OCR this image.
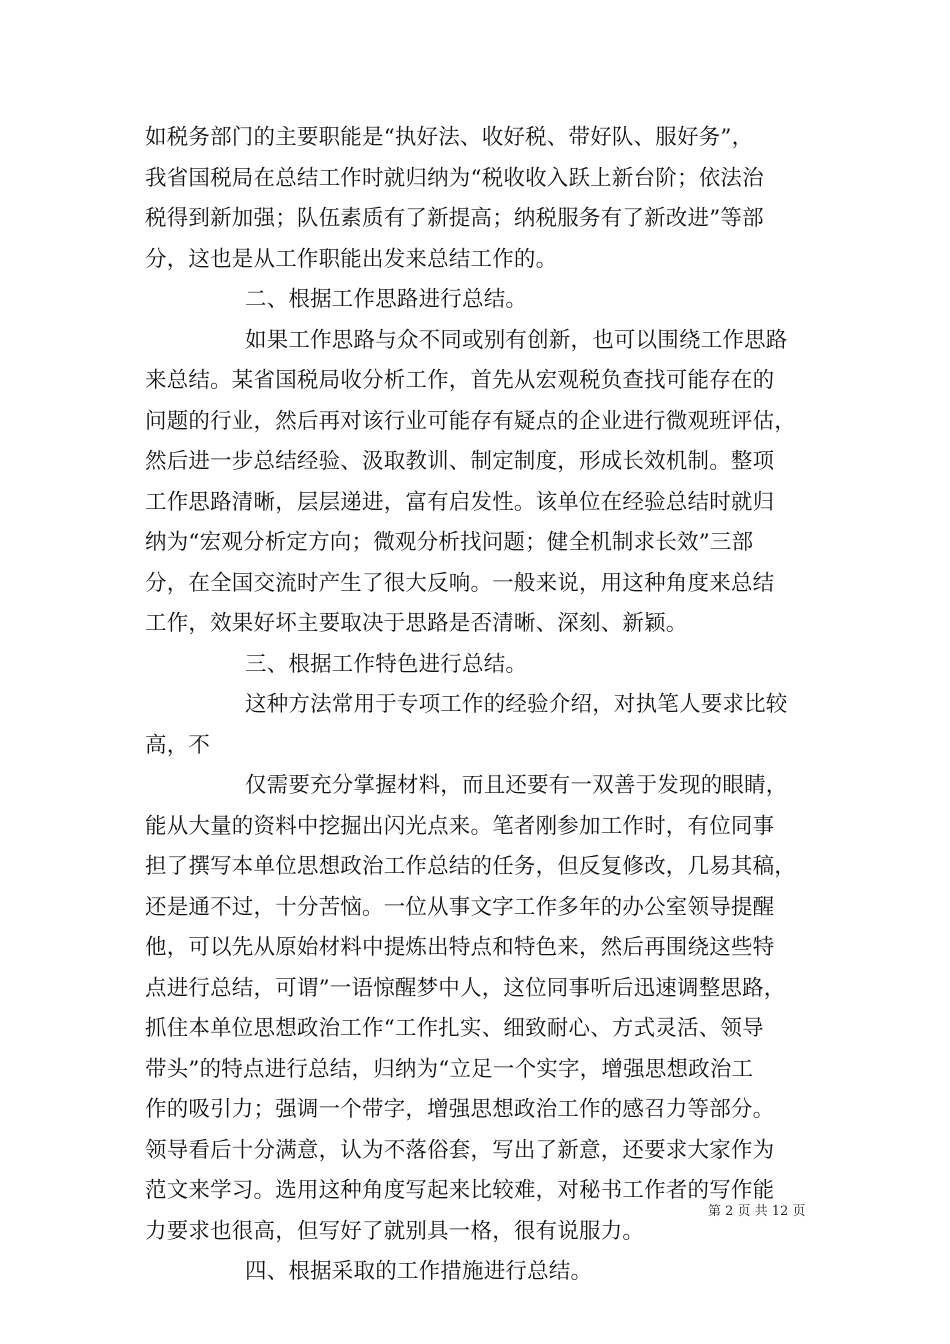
如税务部门的主要职能是“执好法、收好税、带好队、服好务”，
我省国税局在总结工作时就归纳为“税收收入跃上新台阶；依法治
税得到新加强；队伍素质有了新提高；纳税服务有了新改进”等部
分，这也是从工作职能出发来总结工作的。
二、根据工作思路进行总结。
如果工作思路与众不同或别有创新，也可以围绕工作思路
来总结。某省国税局收分析工作，首先从宏观税负查找可能存在的
问题的行业，然后再对该行业可能存有疑点的企业进行微观班评估，
然后进一步总结经验、汲取教训、制定制度，形成长效机制。整项
工作思路清晰，层层递进，富有启发性。该单位在经验总结时就归
纳为“宏观分析定方向；微观分析找问题；健全机制求长效”三部
分，在全国交流时产生了很大反响。一般来说，用这种角度来总结
工作，效果好坏主要取决于思路是否清晰、深刻、新颖。
三、根据工作特色进行总结。
这种方法常用于专项工作的经验介绍，对执笔人要求比较
高，不
仅需要充分掌握材料，而且还要有一双善于发现的眼睛，
能从大量的资料中挖掘出闪光点来。笔者刚参加工作时，有位同事
担了撰写本单位思想政治工作总结的任务，但反复修改，几易其稿，
还是通不过，十分苦恼。一位从事文字工作多年的办公室领导提醒
他，可以先从原始材料中提炼出特点和特色来，然后再围绕这些特
点进行总结，可谓”一语惊醒梦中人，这位同事听后迅速调整思路，
抓住本单位思想政治工作“工作扎实、细致耐心、方式灵活、领导
带头”的特点进行总结，归纳为“立足一个实字，增强思想政治工
作的吸引力；强调一个带字，增强思想政治工作的感召力等部分。
领导看后十分满意，认为不落俗套，写出了新意，还要求大家作为
范文来学习。选用这种角度写起来比较难，对秘书工作者的写作能
力要求也很高，但写好了就别具一格，很有说服力。
四、根据采取的工作措施进行总结。
第 2 页 共 12 页
